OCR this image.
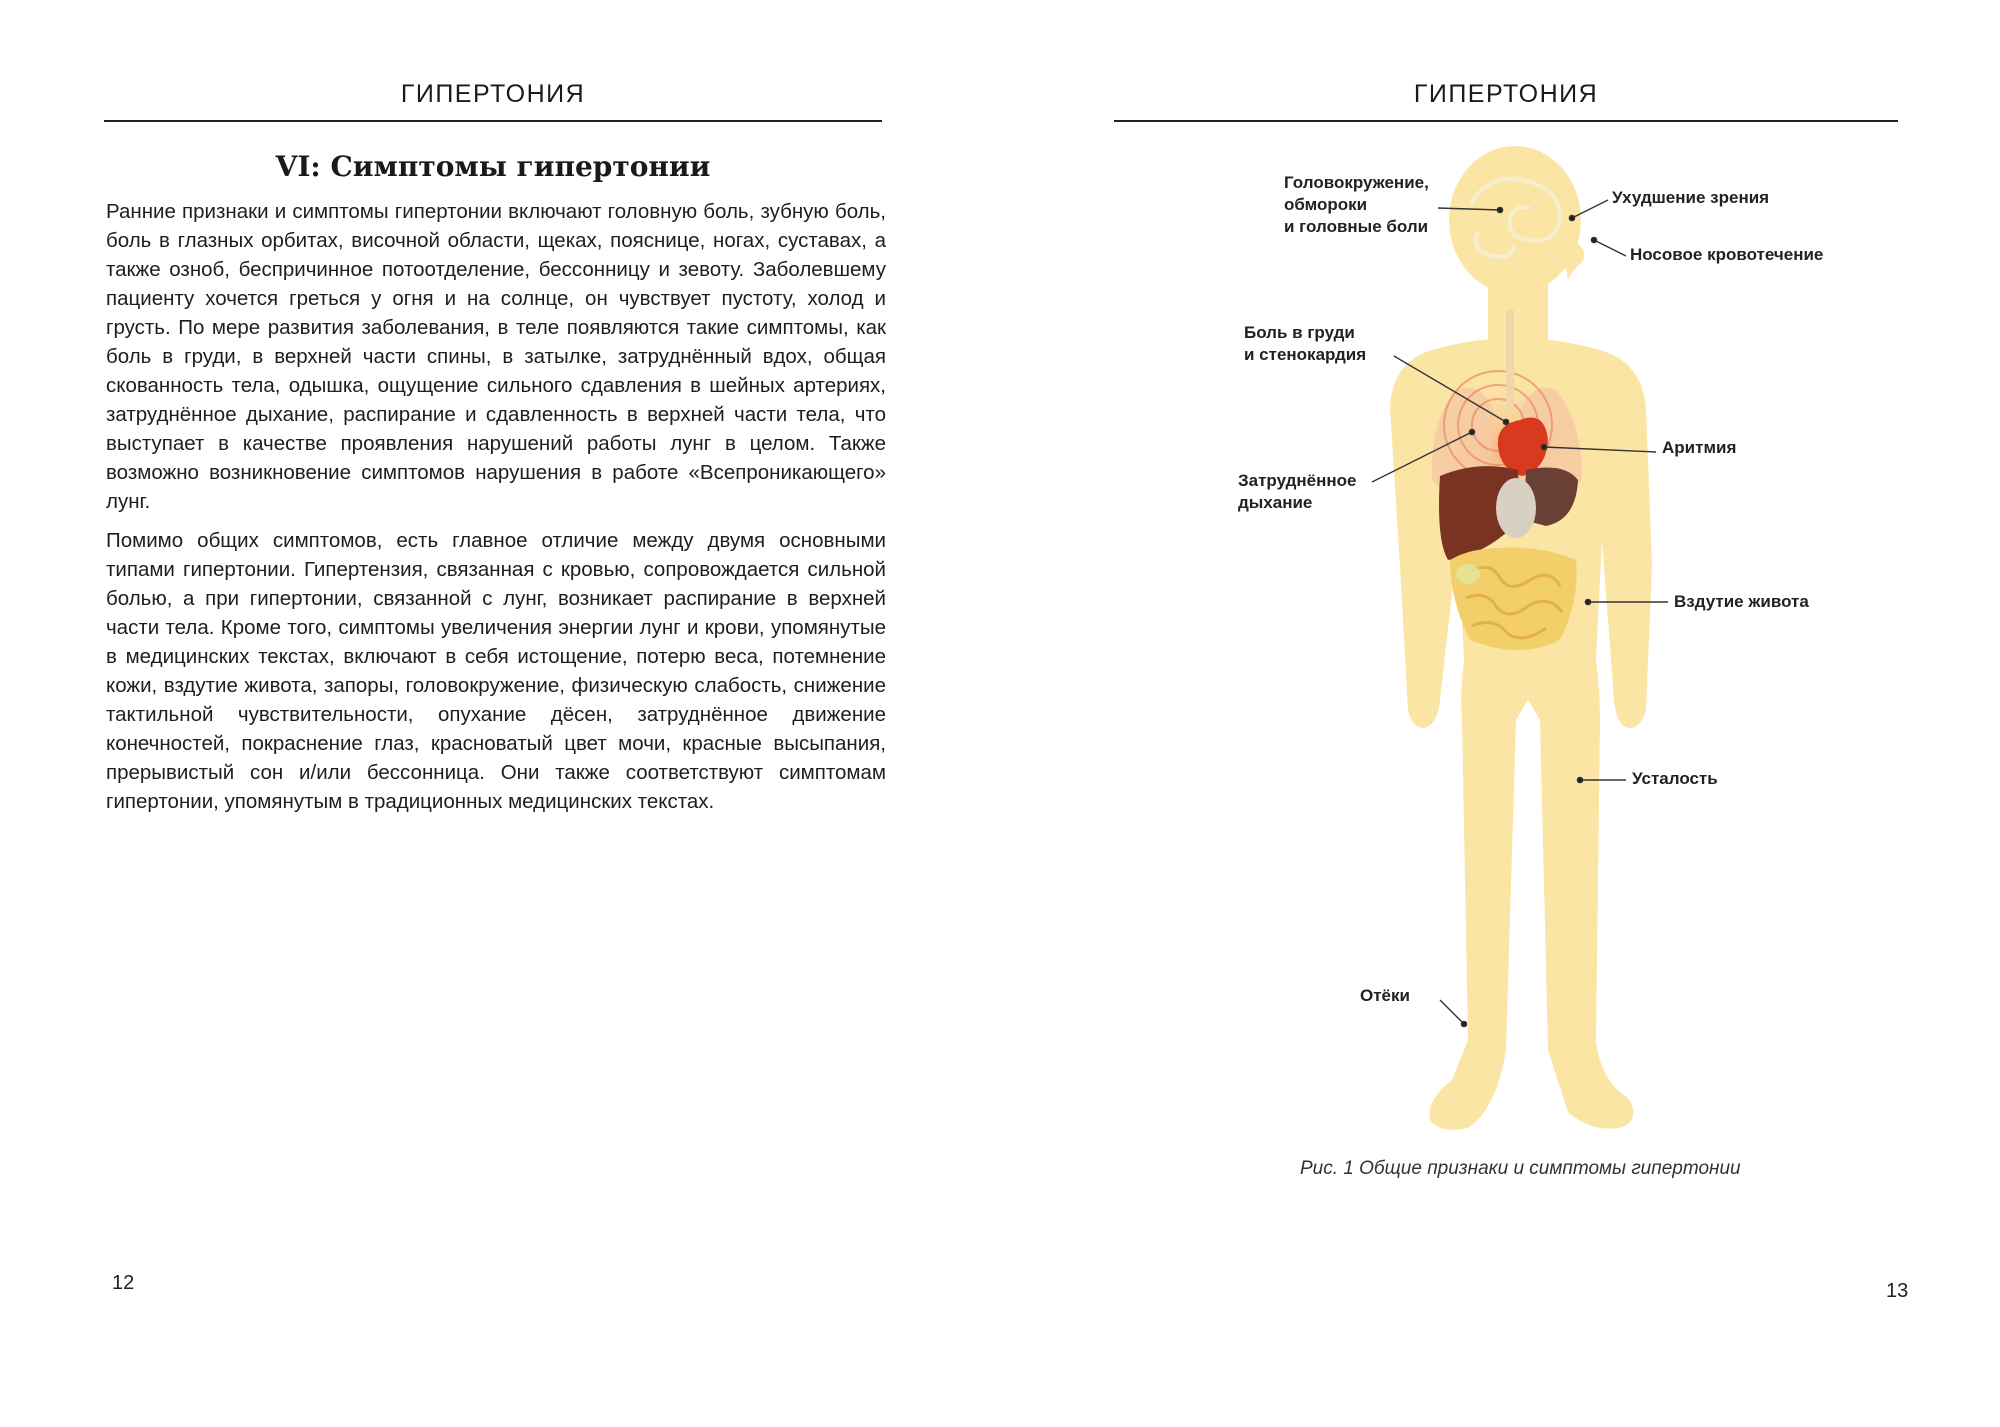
ГИПЕРТОНИЯ
VI: Симптомы гипертонии

Ранние признаки и симптомы гипертонии включают головную боль, зубную боль, боль в глазных орбитах, височной области, щеках, пояснице, ногах, суставах, а также озноб, беспричинное потоотделение, бессонницу и зевоту. Заболевшему пациенту хочется греться у огня и на солнце, он чувствует пустоту, холод и грусть. По мере развития заболевания, в теле появляются такие симптомы, как боль в груди, в верхней части спины, в затылке, затруднённый вдох, общая скованность тела, одышка, ощущение сильного сдавления в шейных артериях, затруднённое дыхание, распирание и сдавленность в верхней части тела, что выступает в качестве проявления нарушений работы лунг в целом. Также возможно возникновение симптомов нарушения в работе «Всепроникающего» лунг.

Помимо общих симптомов, есть главное отличие между двумя основными типами гипертонии. Гипертензия, связанная с кровью, сопровождается сильной болью, а при гипертонии, связанной с лунг, возникает распирание в верхней части тела. Кроме того, симптомы увеличения энергии лунг и крови, упомянутые в медицинских текстах, включают в себя истощение, потерю веса, потемнение кожи, вздутие живота, запоры, головокружение, физическую слабость, снижение тактильной чувствительности, опухание дёсен, затруднённое движение конечностей, покраснение глаз, красноватый цвет мочи, красные высыпания, прерывистый сон и/или бессонница. Они также соответствуют симптомам гипертонии, упомянутым в традиционных медицинских текстах.

12
ГИПЕРТОНИЯ
Головокружение,
обмороки
и головные боли
Ухудшение зрения
Носовое кровотечение
Боль в груди
и стенокардия
Аритмия
Затруднённое
дыхание
Вздутие живота
Усталость
Отёки
Рис. 1 Общие признаки и симптомы гипертонии
13
